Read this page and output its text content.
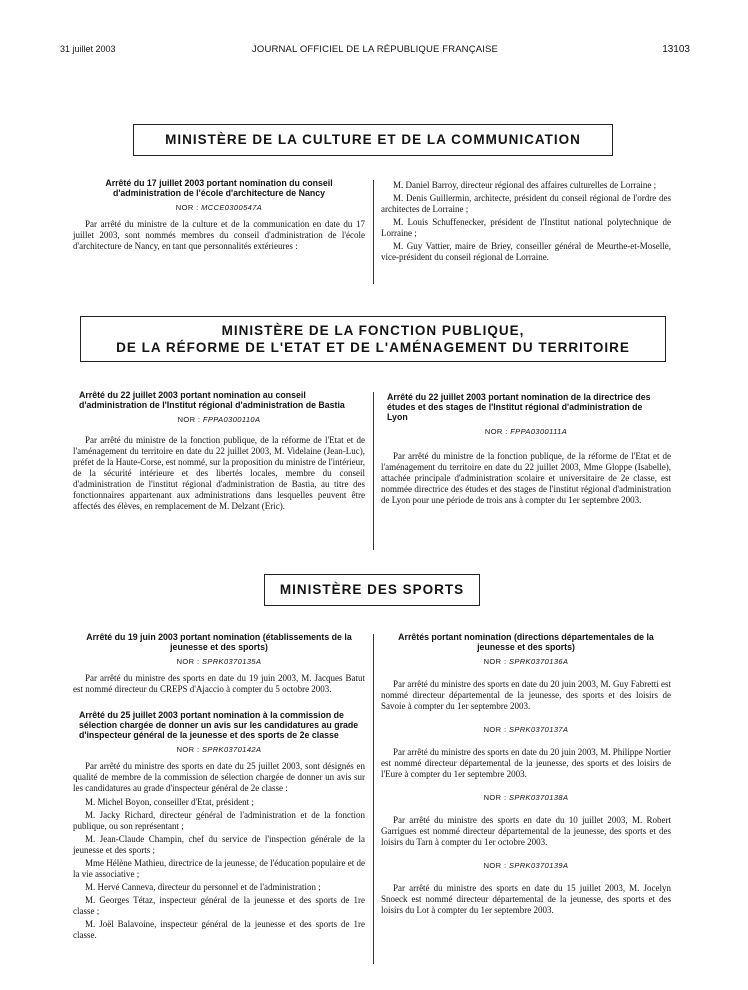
31 juillet 2003	JOURNAL OFFICIEL DE LA RÉPUBLIQUE FRANÇAISE	13103
MINISTÈRE DE LA CULTURE ET DE LA COMMUNICATION
Arrêté du 17 juillet 2003 portant nomination du conseil d'administration de l'école d'architecture de Nancy
NOR : MCCE0300547A

Par arrêté du ministre de la culture et de la communication en date du 17 juillet 2003, sont nommés membres du conseil d'administration de l'école d'architecture de Nancy, en tant que personnalités extérieures :

M. Daniel Barroy, directeur régional des affaires culturelles de Lorraine ;

M. Denis Guillermin, architecte, président du conseil régional de l'ordre des architectes de Lorraine ;

M. Louis Schuffenecker, président de l'Institut national polytechnique de Lorraine ;

M. Guy Vattier, maire de Briey, conseiller général de Meurthe-et-Moselle, vice-président du conseil régional de Lorraine.

MINISTÈRE DE LA FONCTION PUBLIQUE,
DE LA RÉFORME DE L'ETAT ET DE L'AMÉNAGEMENT DU TERRITOIRE
Arrêté du 22 juillet 2003 portant nomination au conseil d'administration de l'Institut régional d'administration de Bastia
NOR : FPPA0300110A

Par arrêté du ministre de la fonction publique, de la réforme de l'Etat et de l'aménagement du territoire en date du 22 juillet 2003, M. Videlaine (Jean-Luc), préfet de la Haute-Corse, est nommé, sur la proposition du ministre de l'intérieur, de la sécurité intérieure et des libertés locales, membre du conseil d'administration de l'institut régional d'administration de Bastia, au titre des fonctionnaires appartenant aux administrations dans lesquelles peuvent être affectés des élèves, en remplacement de M. Delzant (Eric).

Arrêté du 22 juillet 2003 portant nomination de la directrice des études et des stages de l'Institut régional d'administration de Lyon
NOR : FPPA0300111A

Par arrêté du ministre de la fonction publique, de la réforme de l'Etat et de l'aménagement du territoire en date du 22 juillet 2003, Mme Gloppe (Isabelle), attachée principale d'administration scolaire et universitaire de 2e classe, est nommée directrice des études et des stages de l'institut régional d'administration de Lyon pour une période de trois ans à compter du 1er septembre 2003.

MINISTÈRE DES SPORTS
Arrêté du 19 juin 2003 portant nomination (établissements de la jeunesse et des sports)
NOR : SPRK0370135A

Par arrêté du ministre des sports en date du 19 juin 2003, M. Jacques Batut est nommé directeur du CREPS d'Ajaccio à compter du 5 octobre 2003.

Arrêté du 25 juillet 2003 portant nomination à la commission de sélection chargée de donner un avis sur les candidatures au grade d'inspecteur général de la jeunesse et des sports de 2e classe
NOR : SPRK0370142A

Par arrêté du ministre des sports en date du 25 juillet 2003, sont désignés en qualité de membre de la commission de sélection chargée de donner un avis sur les candidatures au grade d'inspecteur général de 2e classe :

M. Michel Boyon, conseiller d'Etat, président ;

M. Jacky Richard, directeur général de l'administration et de la fonction publique, ou son représentant ;

M. Jean-Claude Champin, chef du service de l'inspection générale de la jeunesse et des sports ;

Mme Hélène Mathieu, directrice de la jeunesse, de l'éducation populaire et de la vie associative ;

M. Hervé Canneva, directeur du personnel et de l'administration ;

M. Georges Tétaz, inspecteur général de la jeunesse et des sports de 1re classe ;

M. Joël Balavoine, inspecteur général de la jeunesse et des sports de 1re classe.

Arrêtés portant nomination (directions départementales de la jeunesse et des sports)
NOR : SPRK0370136A

Par arrêté du ministre des sports en date du 20 juin 2003, M. Guy Fabretti est nommé directeur départemental de la jeunesse, des sports et des loisirs de Savoie à compter du 1er septembre 2003.

NOR : SPRK0370137A

Par arrêté du ministre des sports en date du 20 juin 2003, M. Philippe Nortier est nommé directeur départemental de la jeunesse, des sports et des loisirs de l'Eure à compter du 1er septembre 2003.

NOR : SPRK0370138A

Par arrêté du ministre des sports en date du 10 juillet 2003, M. Robert Garrigues est nommé directeur départemental de la jeunesse, des sports et des loisirs du Tarn à compter du 1er octobre 2003.

NOR : SPRK0370139A

Par arrêté du ministre des sports en date du 15 juillet 2003, M. Jocelyn Snoeck est nommé directeur départemental de la jeunesse, des sports et des loisirs du Lot à compter du 1er septembre 2003.
